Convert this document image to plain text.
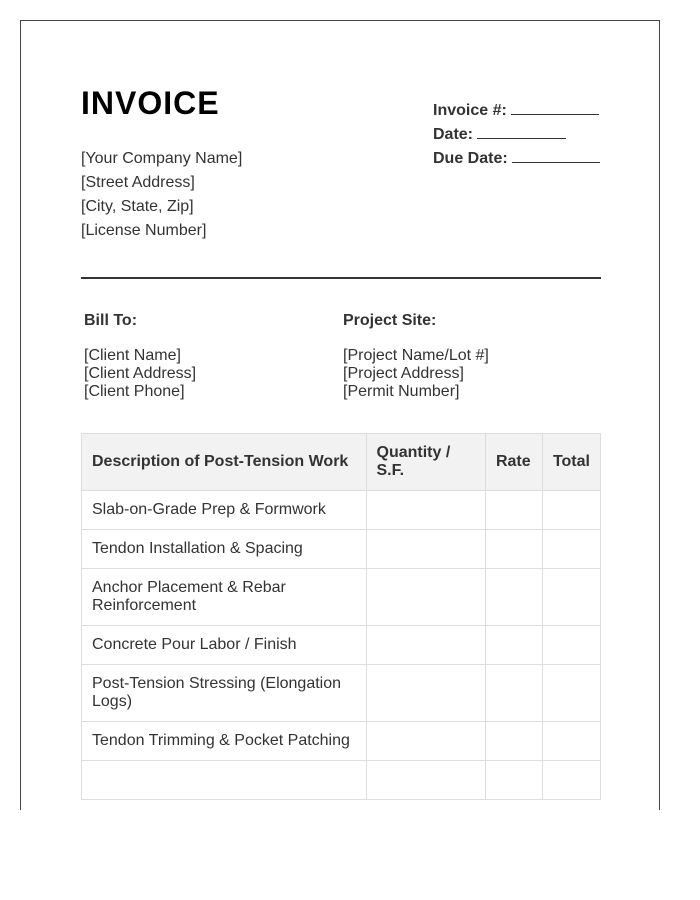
INVOICE
[Your Company Name]
[Street Address]
[City, State, Zip]
[License Number]
Invoice #:
Date:
Due Date:
Bill To:
[Client Name]
[Client Address]
[Client Phone]
Project Site:
[Project Name/Lot #]
[Project Address]
[Permit Number]
Description of Post-Tension Work	Quantity / S.F.	Rate	Total
Slab-on-Grade Prep & Formwork			
Tendon Installation & Spacing			
Anchor Placement & Rebar Reinforcement			
Concrete Pour Labor / Finish			
Post-Tension Stressing (Elongation Logs)			
Tendon Trimming & Pocket Patching			
